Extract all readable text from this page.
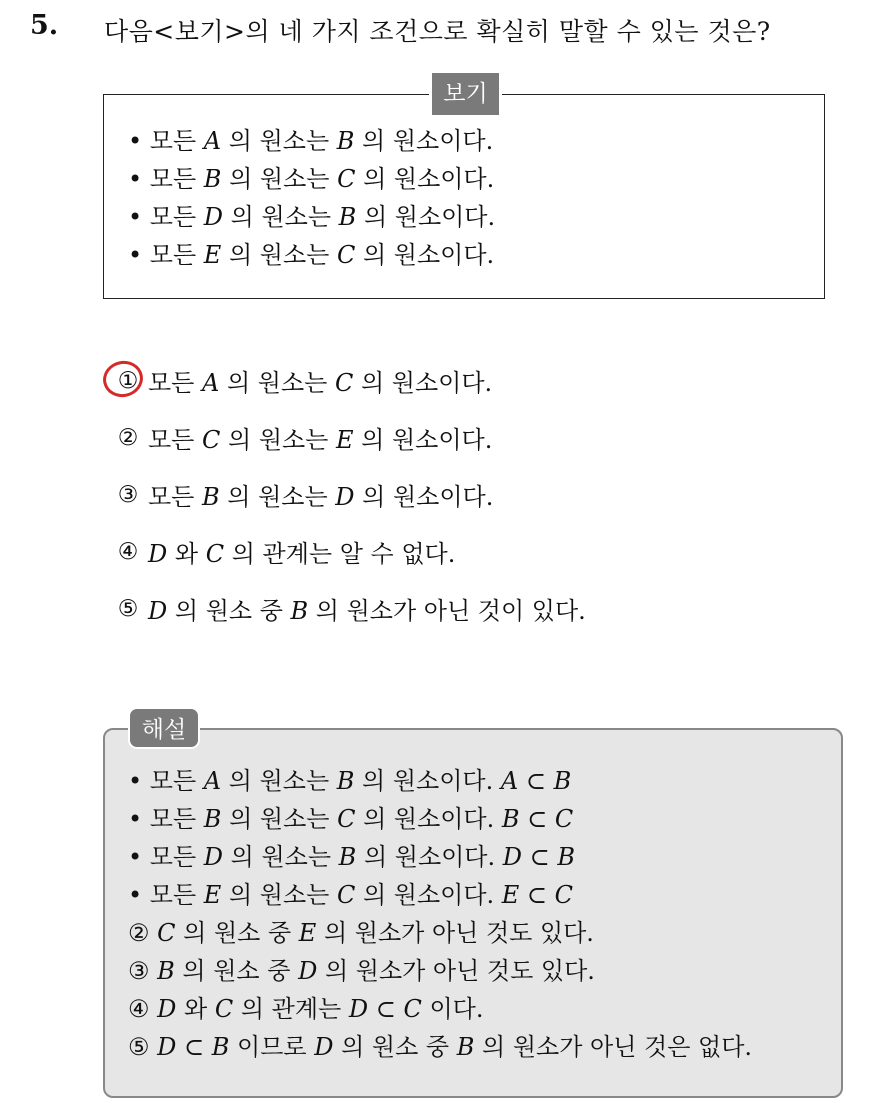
5. 다음<보기>의 네 가지 조건으로 확실히 말할 수 있는 것은?
보기
• 모든 A 의 원소는 B 의 원소이다.
• 모든 B 의 원소는 C 의 원소이다.
• 모든 D 의 원소는 B 의 원소이다.
• 모든 E 의 원소는 C 의 원소이다.
① 모든 A 의 원소는 C 의 원소이다.
② 모든 C 의 원소는 E 의 원소이다.
③ 모든 B 의 원소는 D 의 원소이다.
④ D 와 C 의 관계는 알 수 없다.
⑤ D 의 원소 중 B 의 원소가 아닌 것이 있다.
해설
• 모든 A 의 원소는 B 의 원소이다. A ⊂ B
• 모든 B 의 원소는 C 의 원소이다. B ⊂ C
• 모든 D 의 원소는 B 의 원소이다. D ⊂ B
• 모든 E 의 원소는 C 의 원소이다. E ⊂ C
② C 의 원소 중 E 의 원소가 아닌 것도 있다.
③ B 의 원소 중 D 의 원소가 아닌 것도 있다.
④ D 와 C 의 관계는 D ⊂ C 이다.
⑤ D ⊂ B 이므로 D 의 원소 중 B 의 원소가 아닌 것은 없다.
